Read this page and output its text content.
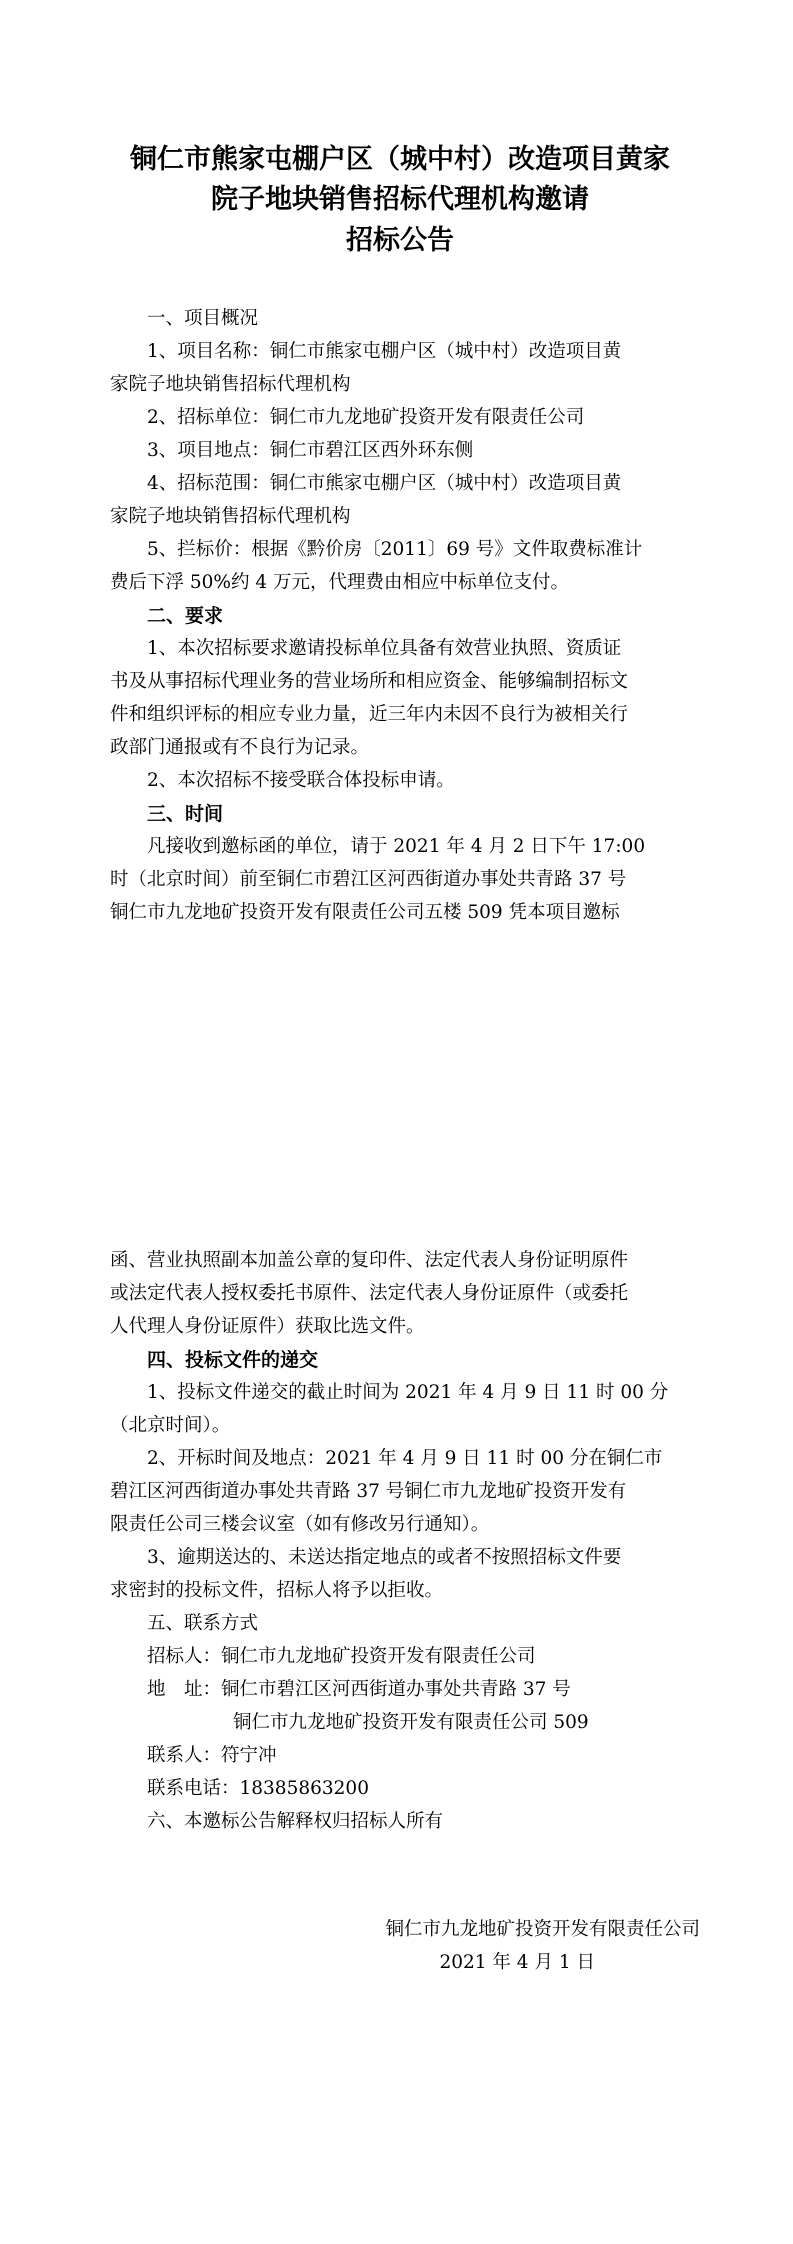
铜仁市熊家屯棚户区（城中村）改造项目黄家
院子地块销售招标代理机构邀请
招标公告
一、项目概况
1、项目名称：铜仁市熊家屯棚户区（城中村）改造项目黄
家院子地块销售招标代理机构
2、招标单位：铜仁市九龙地矿投资开发有限责任公司
3、项目地点：铜仁市碧江区西外环东侧
4、招标范围：铜仁市熊家屯棚户区（城中村）改造项目黄
家院子地块销售招标代理机构
5、拦标价：根据《黔价房〔2011〕69 号》文件取费标准计
费后下浮 50%约 4 万元，代理费由相应中标单位支付。
二、要求
1、本次招标要求邀请投标单位具备有效营业执照、资质证
书及从事招标代理业务的营业场所和相应资金、能够编制招标文
件和组织评标的相应专业力量，近三年内未因不良行为被相关行
政部门通报或有不良行为记录。
2、本次招标不接受联合体投标申请。
三、时间
凡接收到邀标函的单位，请于 2021 年 4 月 2 日下午 17:00
时（北京时间）前至铜仁市碧江区河西街道办事处共青路 37 号
铜仁市九龙地矿投资开发有限责任公司五楼 509 凭本项目邀标
函、营业执照副本加盖公章的复印件、法定代表人身份证明原件
或法定代表人授权委托书原件、法定代表人身份证原件（或委托
人代理人身份证原件）获取比选文件。
四、投标文件的递交
1、投标文件递交的截止时间为 2021 年 4 月 9 日 11 时 00 分
（北京时间）。
2、开标时间及地点：2021 年 4 月 9 日 11 时 00 分在铜仁市
碧江区河西街道办事处共青路 37 号铜仁市九龙地矿投资开发有
限责任公司三楼会议室（如有修改另行通知）。
3、逾期送达的、未送达指定地点的或者不按照招标文件要
求密封的投标文件，招标人将予以拒收。
五、联系方式
招标人：铜仁市九龙地矿投资开发有限责任公司
地　址：铜仁市碧江区河西街道办事处共青路 37 号
铜仁市九龙地矿投资开发有限责任公司 509
联系人：符宁冲
联系电话：18385863200
六、本邀标公告解释权归招标人所有
铜仁市九龙地矿投资开发有限责任公司
2021 年 4 月 1 日
